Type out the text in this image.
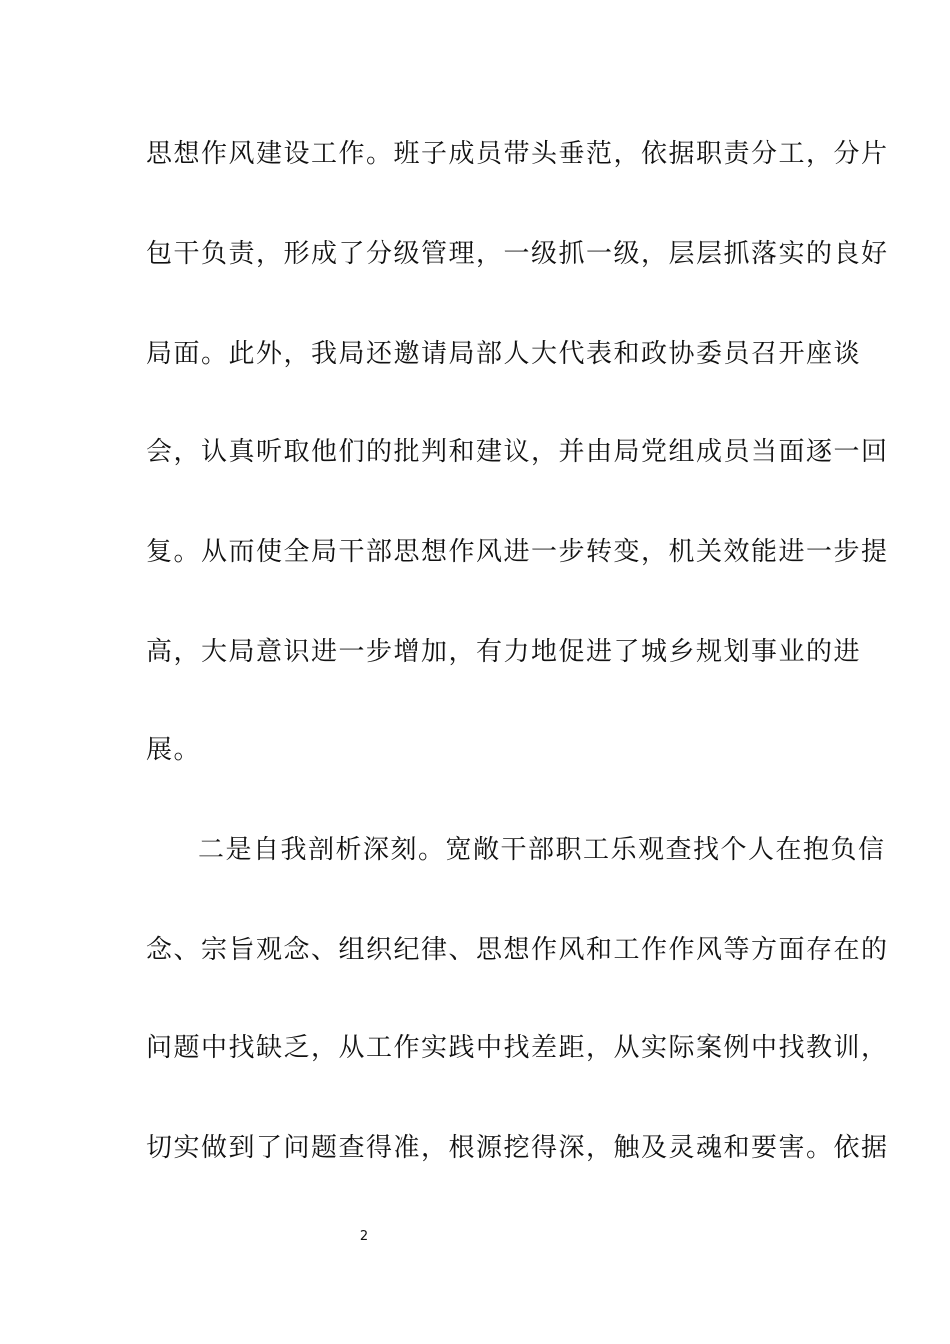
思想作风建设工作。班子成员带头垂范，依据职责分工，分片
包干负责，形成了分级管理，一级抓一级，层层抓落实的良好
局面。此外，我局还邀请局部人大代表和政协委员召开座谈
会，认真听取他们的批判和建议，并由局党组成员当面逐一回
复。从而使全局干部思想作风进一步转变，机关效能进一步提
高，大局意识进一步增加，有力地促进了城乡规划事业的进
展。
二是自我剖析深刻。宽敞干部职工乐观查找个人在抱负信
念、宗旨观念、组织纪律、思想作风和工作作风等方面存在的
问题中找缺乏，从工作实践中找差距，从实际案例中找教训，
切实做到了问题查得准，根源挖得深，触及灵魂和要害。依据
2
